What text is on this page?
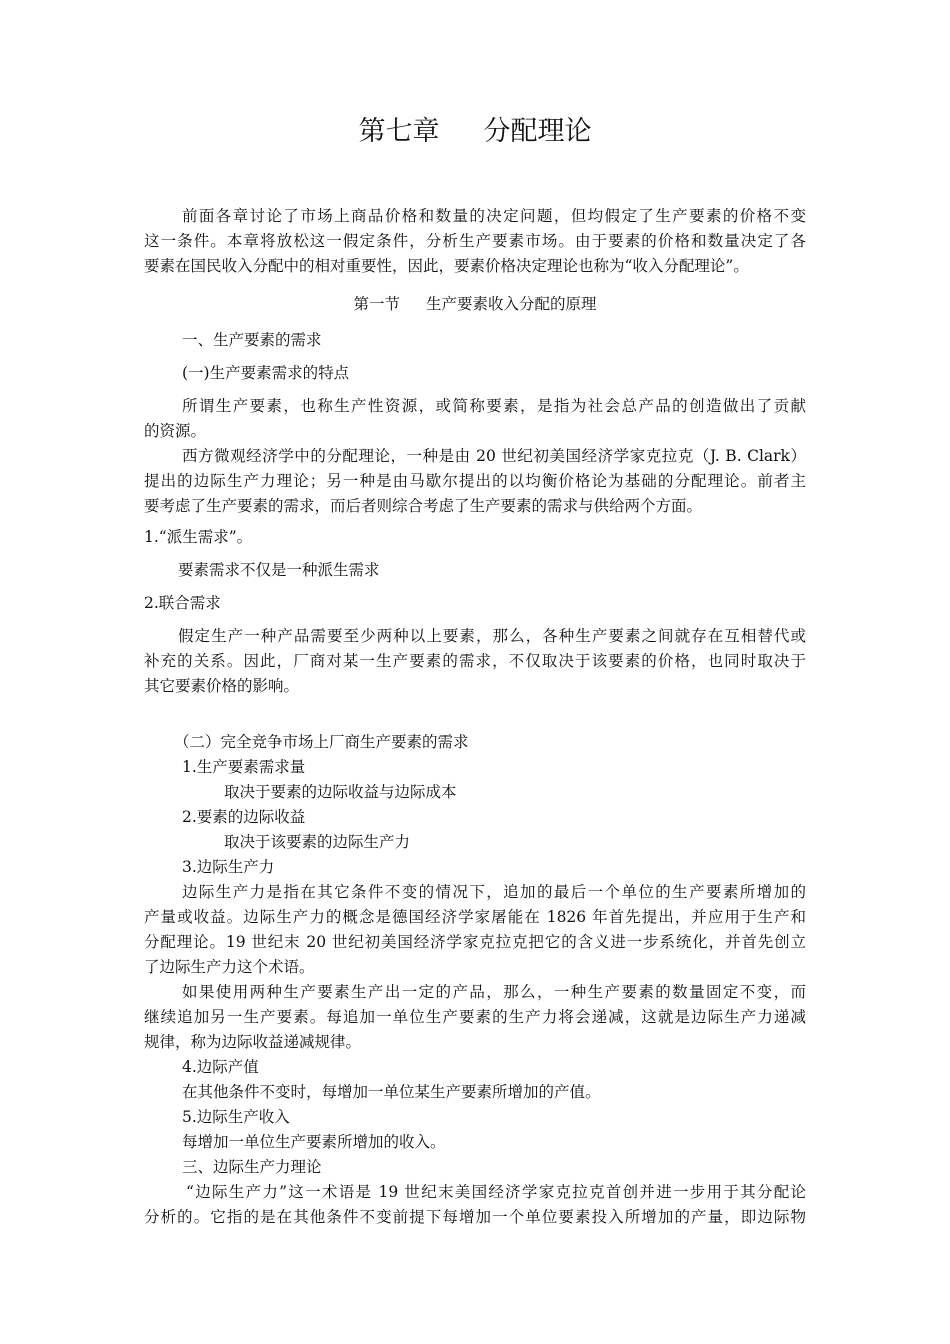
第七章 分配理论

前面各章讨论了市场上商品价格和数量的决定问题，但均假定了生产要素的价格不变

这一条件。本章将放松这一假定条件，分析生产要素市场。由于要素的价格和数量决定了各

要素在国民收入分配中的相对重要性，因此，要素价格决定理论也称为“收入分配理论”。

第一节 生产要素收入分配的原理

一、生产要素的需求

(一)生产要素需求的特点

所谓生产要素，也称生产性资源，或简称要素，是指为社会总产品的创造做出了贡献

的资源。

西方微观经济学中的分配理论，一种是由 20 世纪初美国经济学家克拉克（J. B. Clark）

提出的边际生产力理论；另一种是由马歇尔提出的以均衡价格论为基础的分配理论。前者主

要考虑了生产要素的需求，而后者则综合考虑了生产要素的需求与供给两个方面。

1.“派生需求”。

要素需求不仅是一种派生需求

2.联合需求

假定生产一种产品需要至少两种以上要素，那么，各种生产要素之间就存在互相替代或

补充的关系。因此，厂商对某一生产要素的需求，不仅取决于该要素的价格，也同时取决于

其它要素价格的影响。

（二）完全竞争市场上厂商生产要素的需求

1.生产要素需求量

取决于要素的边际收益与边际成本

2.要素的边际收益

取决于该要素的边际生产力

3.边际生产力

边际生产力是指在其它条件不变的情况下，追加的最后一个单位的生产要素所增加的

产量或收益。边际生产力的概念是德国经济学家屠能在 1826 年首先提出，并应用于生产和

分配理论。19 世纪末 20 世纪初美国经济学家克拉克把它的含义进一步系统化，并首先创立

了边际生产力这个术语。

如果使用两种生产要素生产出一定的产品，那么，一种生产要素的数量固定不变，而

继续追加另一生产要素。每追加一单位生产要素的生产力将会递减，这就是边际生产力递减

规律，称为边际收益递减规律。

4.边际产值

在其他条件不变时，每增加一单位某生产要素所增加的产值。

5.边际生产收入

每增加一单位生产要素所增加的收入。

三、边际生产力理论

“边际生产力”这一术语是 19 世纪末美国经济学家克拉克首创并进一步用于其分配论

分析的。它指的是在其他条件不变前提下每增加一个单位要素投入所增加的产量，即边际物
